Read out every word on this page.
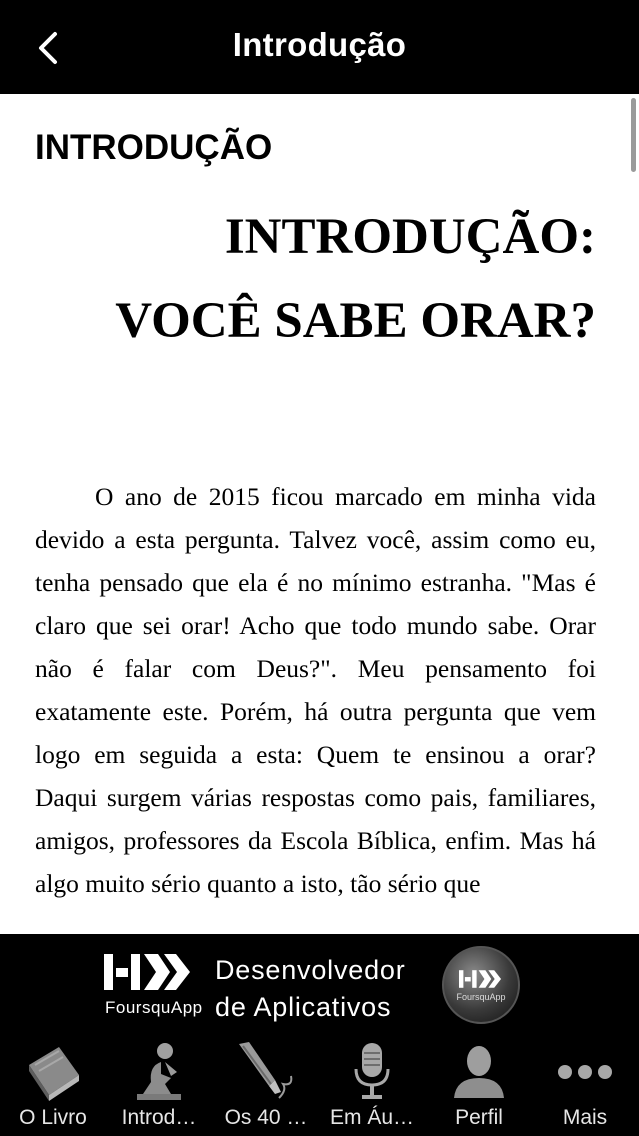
Introdução
INTRODUÇÃO
INTRODUÇÃO:
VOCÊ SABE ORAR?

O ano de 2015 ficou marcado em minha vida devido a esta pergunta. Talvez você, assim como eu, tenha pensado que ela é no mínimo estranha. "Mas é claro que sei orar! Acho que todo mundo sabe. Orar não é falar com Deus?". Meu pensamento foi exatamente este. Porém, há outra pergunta que vem logo em seguida a esta: Quem te ensinou a orar? Daqui surgem várias respostas como pais, familiares, amigos, professores da Escola Bíblica, enfim. Mas há algo muito sério quanto a isto, tão sério que

FoursquApp
Desenvolvedor
de Aplicativos	FoursquApp
O Livro	Introd…	Os 40 …	Em Áu…	Perfil	Mais
